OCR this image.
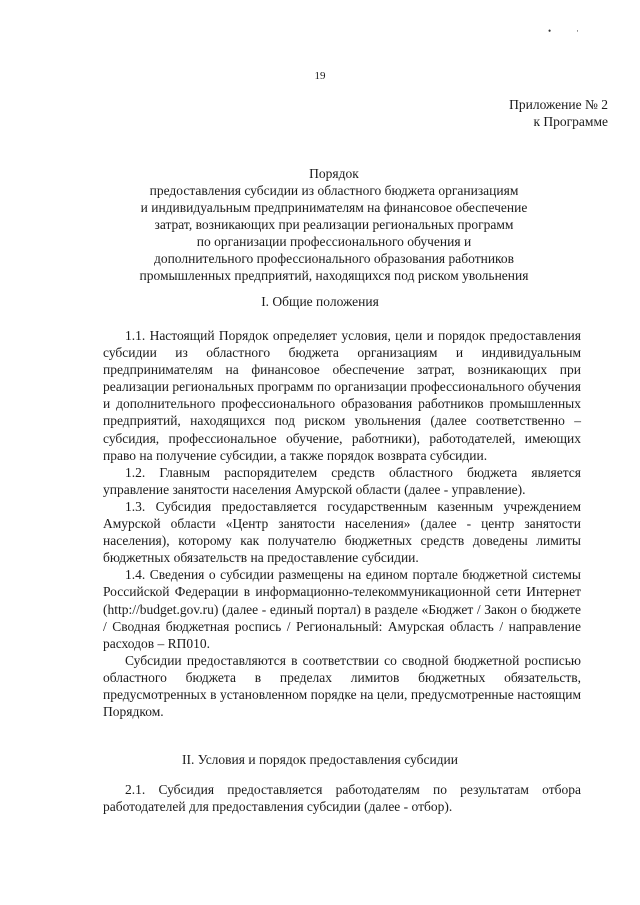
•	·
19
Приложение № 2
к Программе
Порядок
предоставления субсидии из областного бюджета организациям
и индивидуальным предпринимателям на финансовое обеспечение
затрат, возникающих при реализации региональных программ
по организации профессионального обучения и
дополнительного профессионального образования работников
промышленных предприятий, находящихся под риском увольнения
I. Общие положения

1.1. Настоящий Порядок определяет условия, цели и порядок предоставления субсидии из областного бюджета организациям и индивидуальным предпринимателям на финансовое обеспечение затрат, возникающих при реализации региональных программ по организации профессионального обучения и дополнительного профессионального образования работников промышленных предприятий, находящихся под риском увольнения (далее соответственно – субсидия, профессиональное обучение, работники), работодателей, имеющих право на получение субсидии, а также порядок возврата субсидии.

1.2. Главным распорядителем средств областного бюджета является управление занятости населения Амурской области (далее - управление).

1.3. Субсидия предоставляется государственным казенным учреждением Амурской области «Центр занятости населения» (далее - центр занятости населения), которому как получателю бюджетных средств доведены лимиты бюджетных обязательств на предоставление субсидии.

1.4. Сведения о субсидии размещены на едином портале бюджетной системы Российской Федерации в информационно-телекоммуникационной сети Интернет (http://budget.gov.ru) (далее - единый портал) в разделе «Бюджет / Закон о бюджете / Сводная бюджетная роспись / Региональный: Амурская область / направление расходов – RП010.

Субсидии предоставляются в соответствии со сводной бюджетной росписью областного бюджета в пределах лимитов бюджетных обязательств, предусмотренных в установленном порядке на цели, предусмотренные настоящим Порядком.

II. Условия и порядок предоставления субсидии

2.1. Субсидия предоставляется работодателям по результатам отбора работодателей для предоставления субсидии (далее - отбор).
